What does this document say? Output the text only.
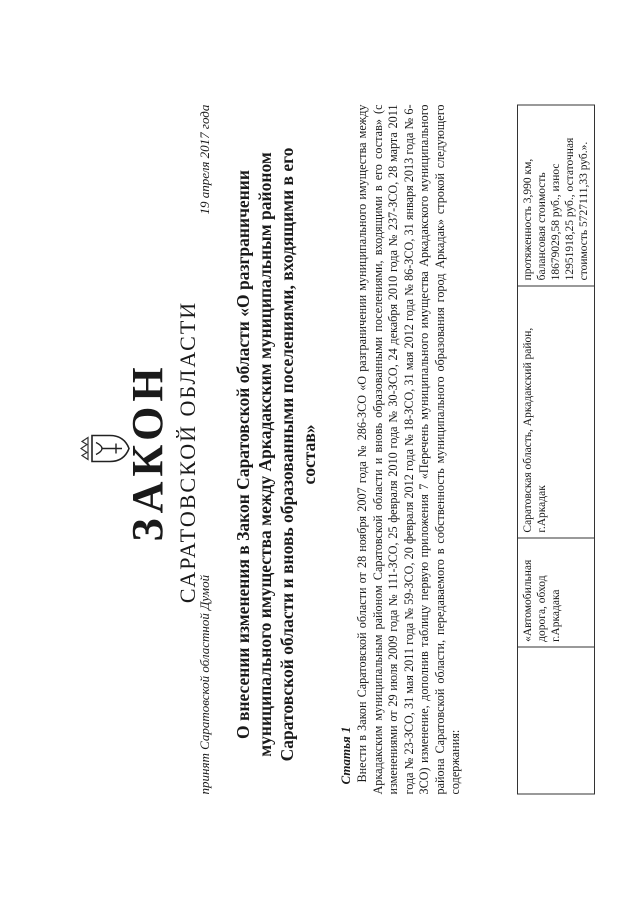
ЗАКОН САРАТОВСКОЙ ОБЛАСТИ
принят Саратовской областной Думой
19 апреля 2017 года
О внесении изменения в Закон Саратовской области «О разграничении муниципального имущества между Аркадакским муниципальным районом Саратовской области и вновь образованными поселениями, входящими в его состав»
Статья 1 Внести в Закон Саратовской области от 28 ноября 2007 года № 286-ЗСО «О разграничении муниципального имущества между Аркадакским муниципальным районом Саратовской области и вновь образованными поселениями, входящими в его состав» (с изменениями от 29 июля 2009 года № 111-ЗСО, 25 февраля 2010 года № 30-ЗСО, 24 декабря 2010 года № 237-ЗСО, 28 марта 2011 года № 23-ЗСО, 31 мая 2011 года № 59-ЗСО, 20 февраля 2012 года № 18-ЗСО, 31 мая 2012 года № 86-ЗСО, 31 января 2013 года № 6-ЗСО) изменение, дополнив таблицу первую приложения 7 «Перечень муниципального имущества Аркадакского муниципального района Саратовской области, передаваемого в собственность муниципального образования город Аркадак» строкой следующего содержания:
	«Автомобильная дорога, обход г.Аркадака	Саратовская область, Аркадакский район, г.Аркадак	протяженность 3,990 км, балансовая стоимость 18679029,58 руб., износ 12951918,25 руб., остаточная стоимость 5727111,33 руб.».
